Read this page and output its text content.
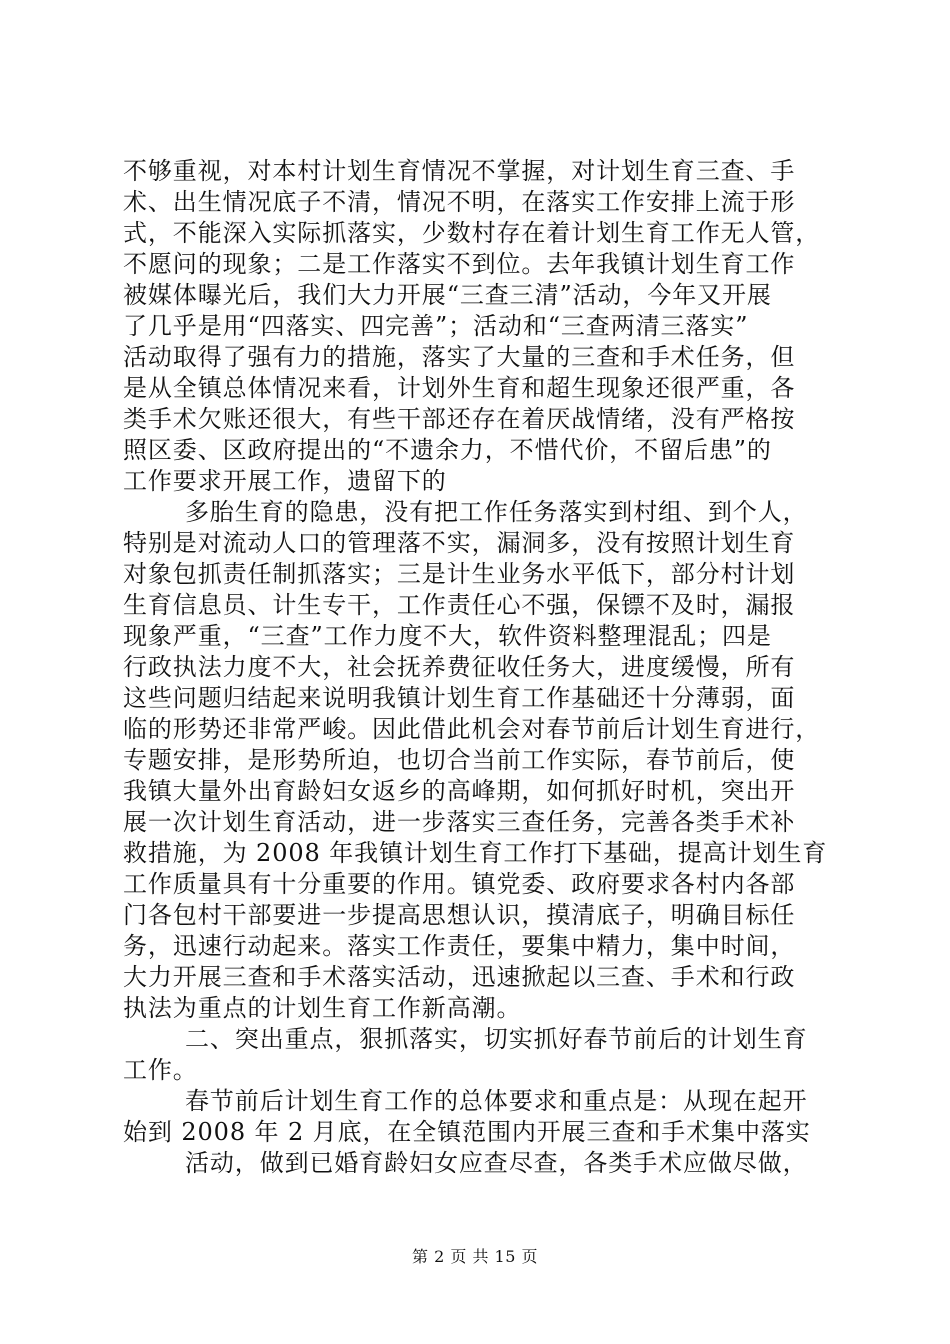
不够重视，对本村计划生育情况不掌握，对计划生育三查、手
术、出生情况底子不清，情况不明，在落实工作安排上流于形
式，不能深入实际抓落实，少数村存在着计划生育工作无人管，
不愿问的现象；二是工作落实不到位。去年我镇计划生育工作
被媒体曝光后，我们大力开展“三查三清”活动，今年又开展
了几乎是用“四落实、四完善”；活动和“三查两清三落实”
活动取得了强有力的措施，落实了大量的三查和手术任务，但
是从全镇总体情况来看，计划外生育和超生现象还很严重，各
类手术欠账还很大，有些干部还存在着厌战情绪，没有严格按
照区委、区政府提出的“不遗余力，不惜代价，不留后患”的
工作要求开展工作，遗留下的
多胎生育的隐患，没有把工作任务落实到村组、到个人，
特别是对流动人口的管理落不实，漏洞多，没有按照计划生育
对象包抓责任制抓落实；三是计生业务水平低下，部分村计划
生育信息员、计生专干，工作责任心不强，保镖不及时，漏报
现象严重，“三查”工作力度不大，软件资料整理混乱；四是
行政执法力度不大，社会抚养费征收任务大，进度缓慢，所有
这些问题归结起来说明我镇计划生育工作基础还十分薄弱，面
临的形势还非常严峻。因此借此机会对春节前后计划生育进行，
专题安排，是形势所迫，也切合当前工作实际，春节前后，使
我镇大量外出育龄妇女返乡的高峰期，如何抓好时机，突出开
展一次计划生育活动，进一步落实三查任务，完善各类手术补
救措施，为 2008 年我镇计划生育工作打下基础，提高计划生育
工作质量具有十分重要的作用。镇党委、政府要求各村内各部
门各包村干部要进一步提高思想认识，摸清底子，明确目标任
务，迅速行动起来。落实工作责任，要集中精力，集中时间，
大力开展三查和手术落实活动，迅速掀起以三查、手术和行政
执法为重点的计划生育工作新高潮。
二、突出重点，狠抓落实，切实抓好春节前后的计划生育
工作。
春节前后计划生育工作的总体要求和重点是：从现在起开
始到 2008 年 2 月底，在全镇范围内开展三查和手术集中落实
活动，做到已婚育龄妇女应查尽查，各类手术应做尽做，
第 2 页 共 15 页
